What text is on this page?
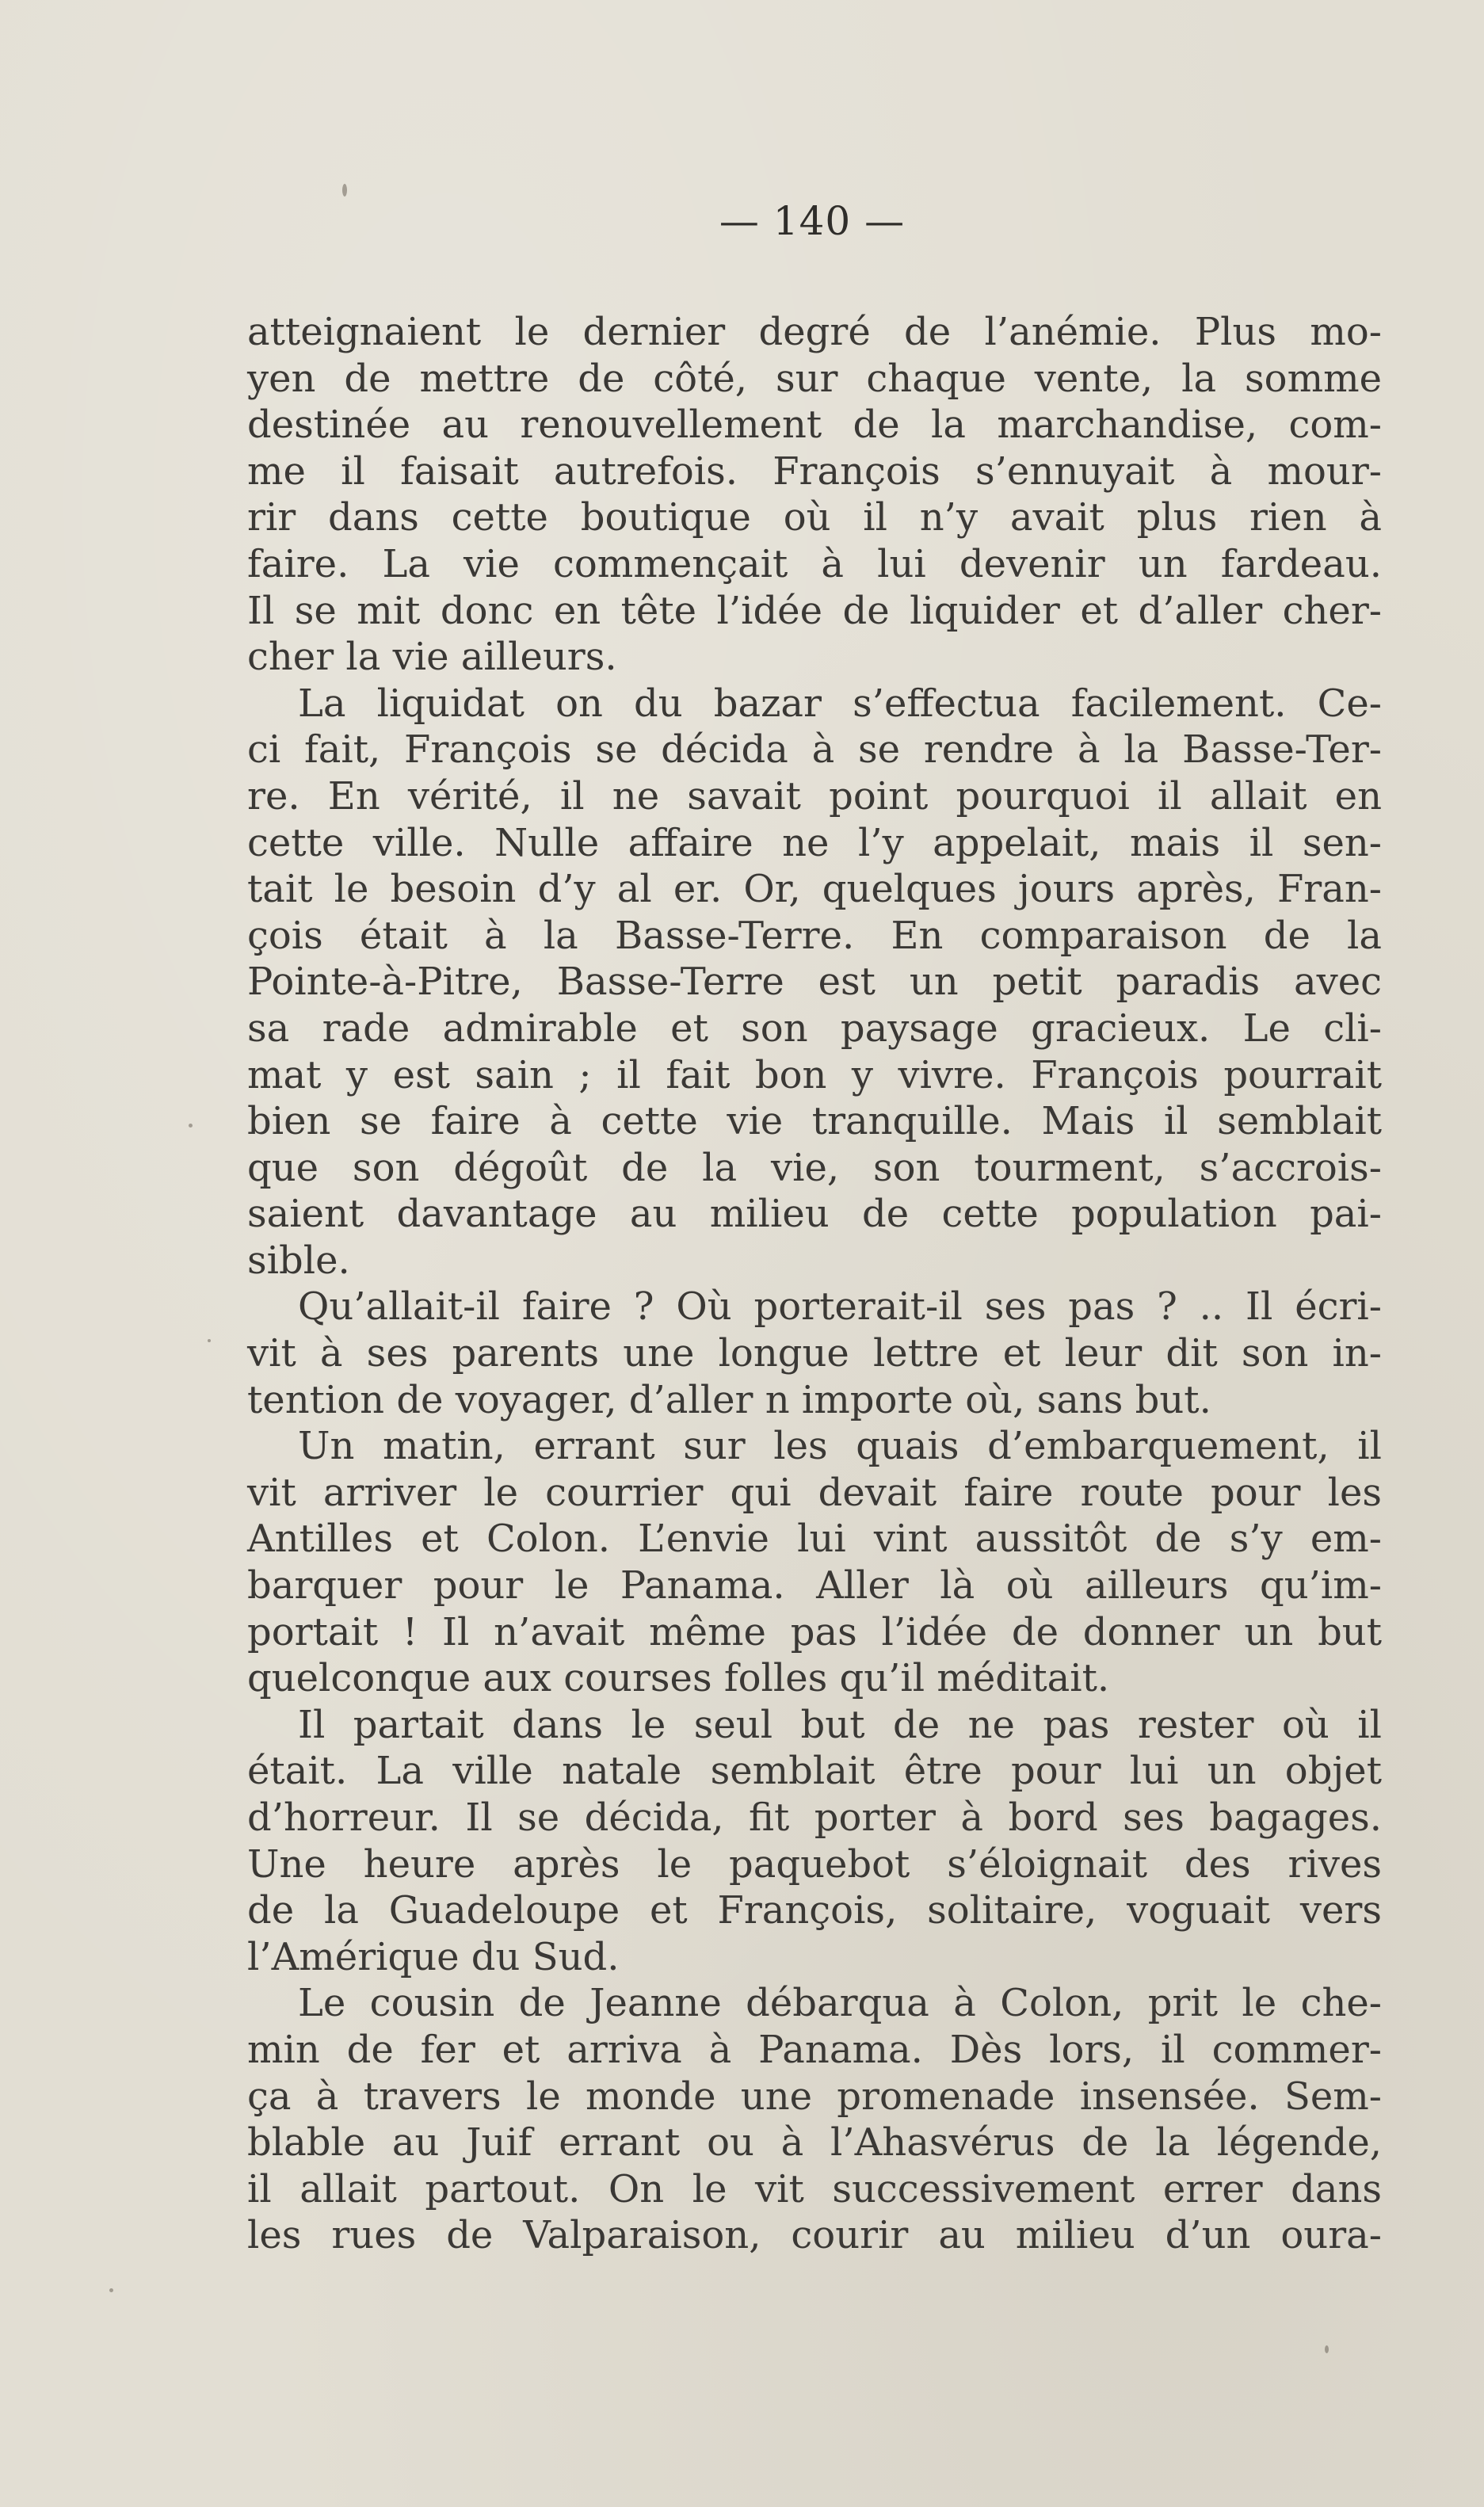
— 140 —
atteignaient le dernier degré de l’anémie. Plus mo-
yen de mettre de côté, sur chaque vente, la somme
destinée au renouvellement de la marchandise, com-
me il faisait autrefois. François s’ennuyait à mour-
rir dans cette boutique où il n’y avait plus rien à
faire. La vie commençait à lui devenir un fardeau.
Il se mit donc en tête l’idée de liquider et d’aller cher-
cher la vie ailleurs.
La liquidat on du bazar s’effectua facilement. Ce-
ci fait, François se décida à se rendre à la Basse-Ter-
re. En vérité, il ne savait point pourquoi il allait en
cette ville. Nulle affaire ne l’y appelait, mais il sen-
tait le besoin d’y al er. Or, quelques jours après, Fran-
çois était à la Basse-Terre. En comparaison de la
Pointe-à-Pitre, Basse-Terre est un petit paradis avec
sa rade admirable et son paysage gracieux. Le cli-
mat y est sain ; il fait bon y vivre. François pourrait
bien se faire à cette vie tranquille. Mais il semblait
que son dégoût de la vie, son tourment, s’accrois-
saient davantage au milieu de cette population pai-
sible.
Qu’allait-il faire ? Où porterait-il ses pas ? .. Il écri-
vit à ses parents une longue lettre et leur dit son in-
tention de voyager, d’aller n importe où, sans but.
Un matin, errant sur les quais d’embarquement, il
vit arriver le courrier qui devait faire route pour les
Antilles et Colon. L’envie lui vint aussitôt de s’y em-
barquer pour le Panama. Aller là où ailleurs qu’im-
portait ! Il n’avait même pas l’idée de donner un but
quelconque aux courses folles qu’il méditait.
Il partait dans le seul but de ne pas rester où il
était. La ville natale semblait être pour lui un objet
d’horreur. Il se décida, fit porter à bord ses bagages.
Une heure après le paquebot s’éloignait des rives
de la Guadeloupe et François, solitaire, voguait vers
l’Amérique du Sud.
Le cousin de Jeanne débarqua à Colon, prit le che-
min de fer et arriva à Panama. Dès lors, il commer-
ça à travers le monde une promenade insensée. Sem-
blable au Juif errant ou à l’Ahasvérus de la légende,
il allait partout. On le vit successivement errer dans
les rues de Valparaison, courir au milieu d’un oura-
